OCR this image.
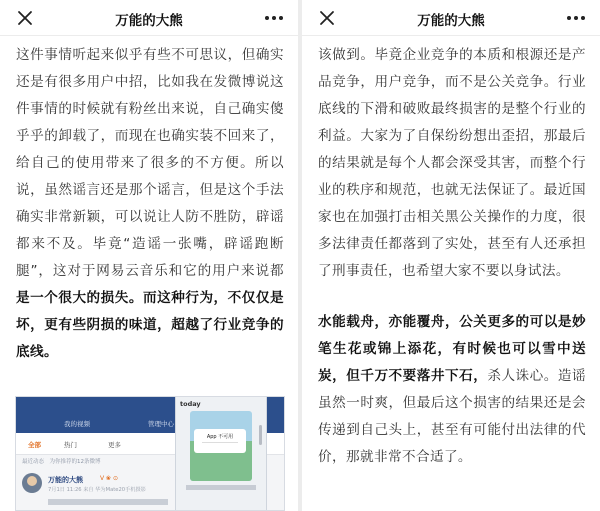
万能的大熊

这件事情听起来似乎有些不可思议，但确实还是有很多用户中招，比如我在发微博说这件事情的时候就有粉丝出来说，自己确实傻乎乎的卸载了，而现在也确实装不回来了，给自己的使用带来了很多的不方便。所以说，虽然谣言还是那个谣言，但是这个手法确实非常新颖，可以说让人防不胜防，辟谣都来不及。毕竟“造谣一张嘴，辟谣跑断腿”，这对于网易云音乐和它的用户来说都是一个很大的损失。而这种行为，不仅仅是坏，更有些阴损的味道，超越了行业竞争的底线。

我的视频	管理中心
全部	热门	更多
最近动态　为你推荐的12条微博
万能的大熊	V ❀ ⊙
7月1日 11:26 来自 华为Mate20手机摄影
today
App 不可用
万能的大熊

该做到。毕竟企业竞争的本质和根源还是产品竞争，用户竞争，而不是公关竞争。行业底线的下滑和破败最终损害的是整个行业的利益。大家为了自保纷纷想出歪招，那最后的结果就是每个人都会深受其害，而整个行业的秩序和规范，也就无法保证了。最近国家也在加强打击相关黑公关操作的力度，很多法律责任都落到了实处，甚至有人还承担了刑事责任，也希望大家不要以身试法。

水能载舟，亦能覆舟，公关更多的可以是妙笔生花或锦上添花，有时候也可以雪中送炭，但千万不要落井下石，杀人诛心。造谣虽然一时爽，但最后这个损害的结果还是会传递到自己头上，甚至有可能付出法律的代价，那就非常不合适了。
